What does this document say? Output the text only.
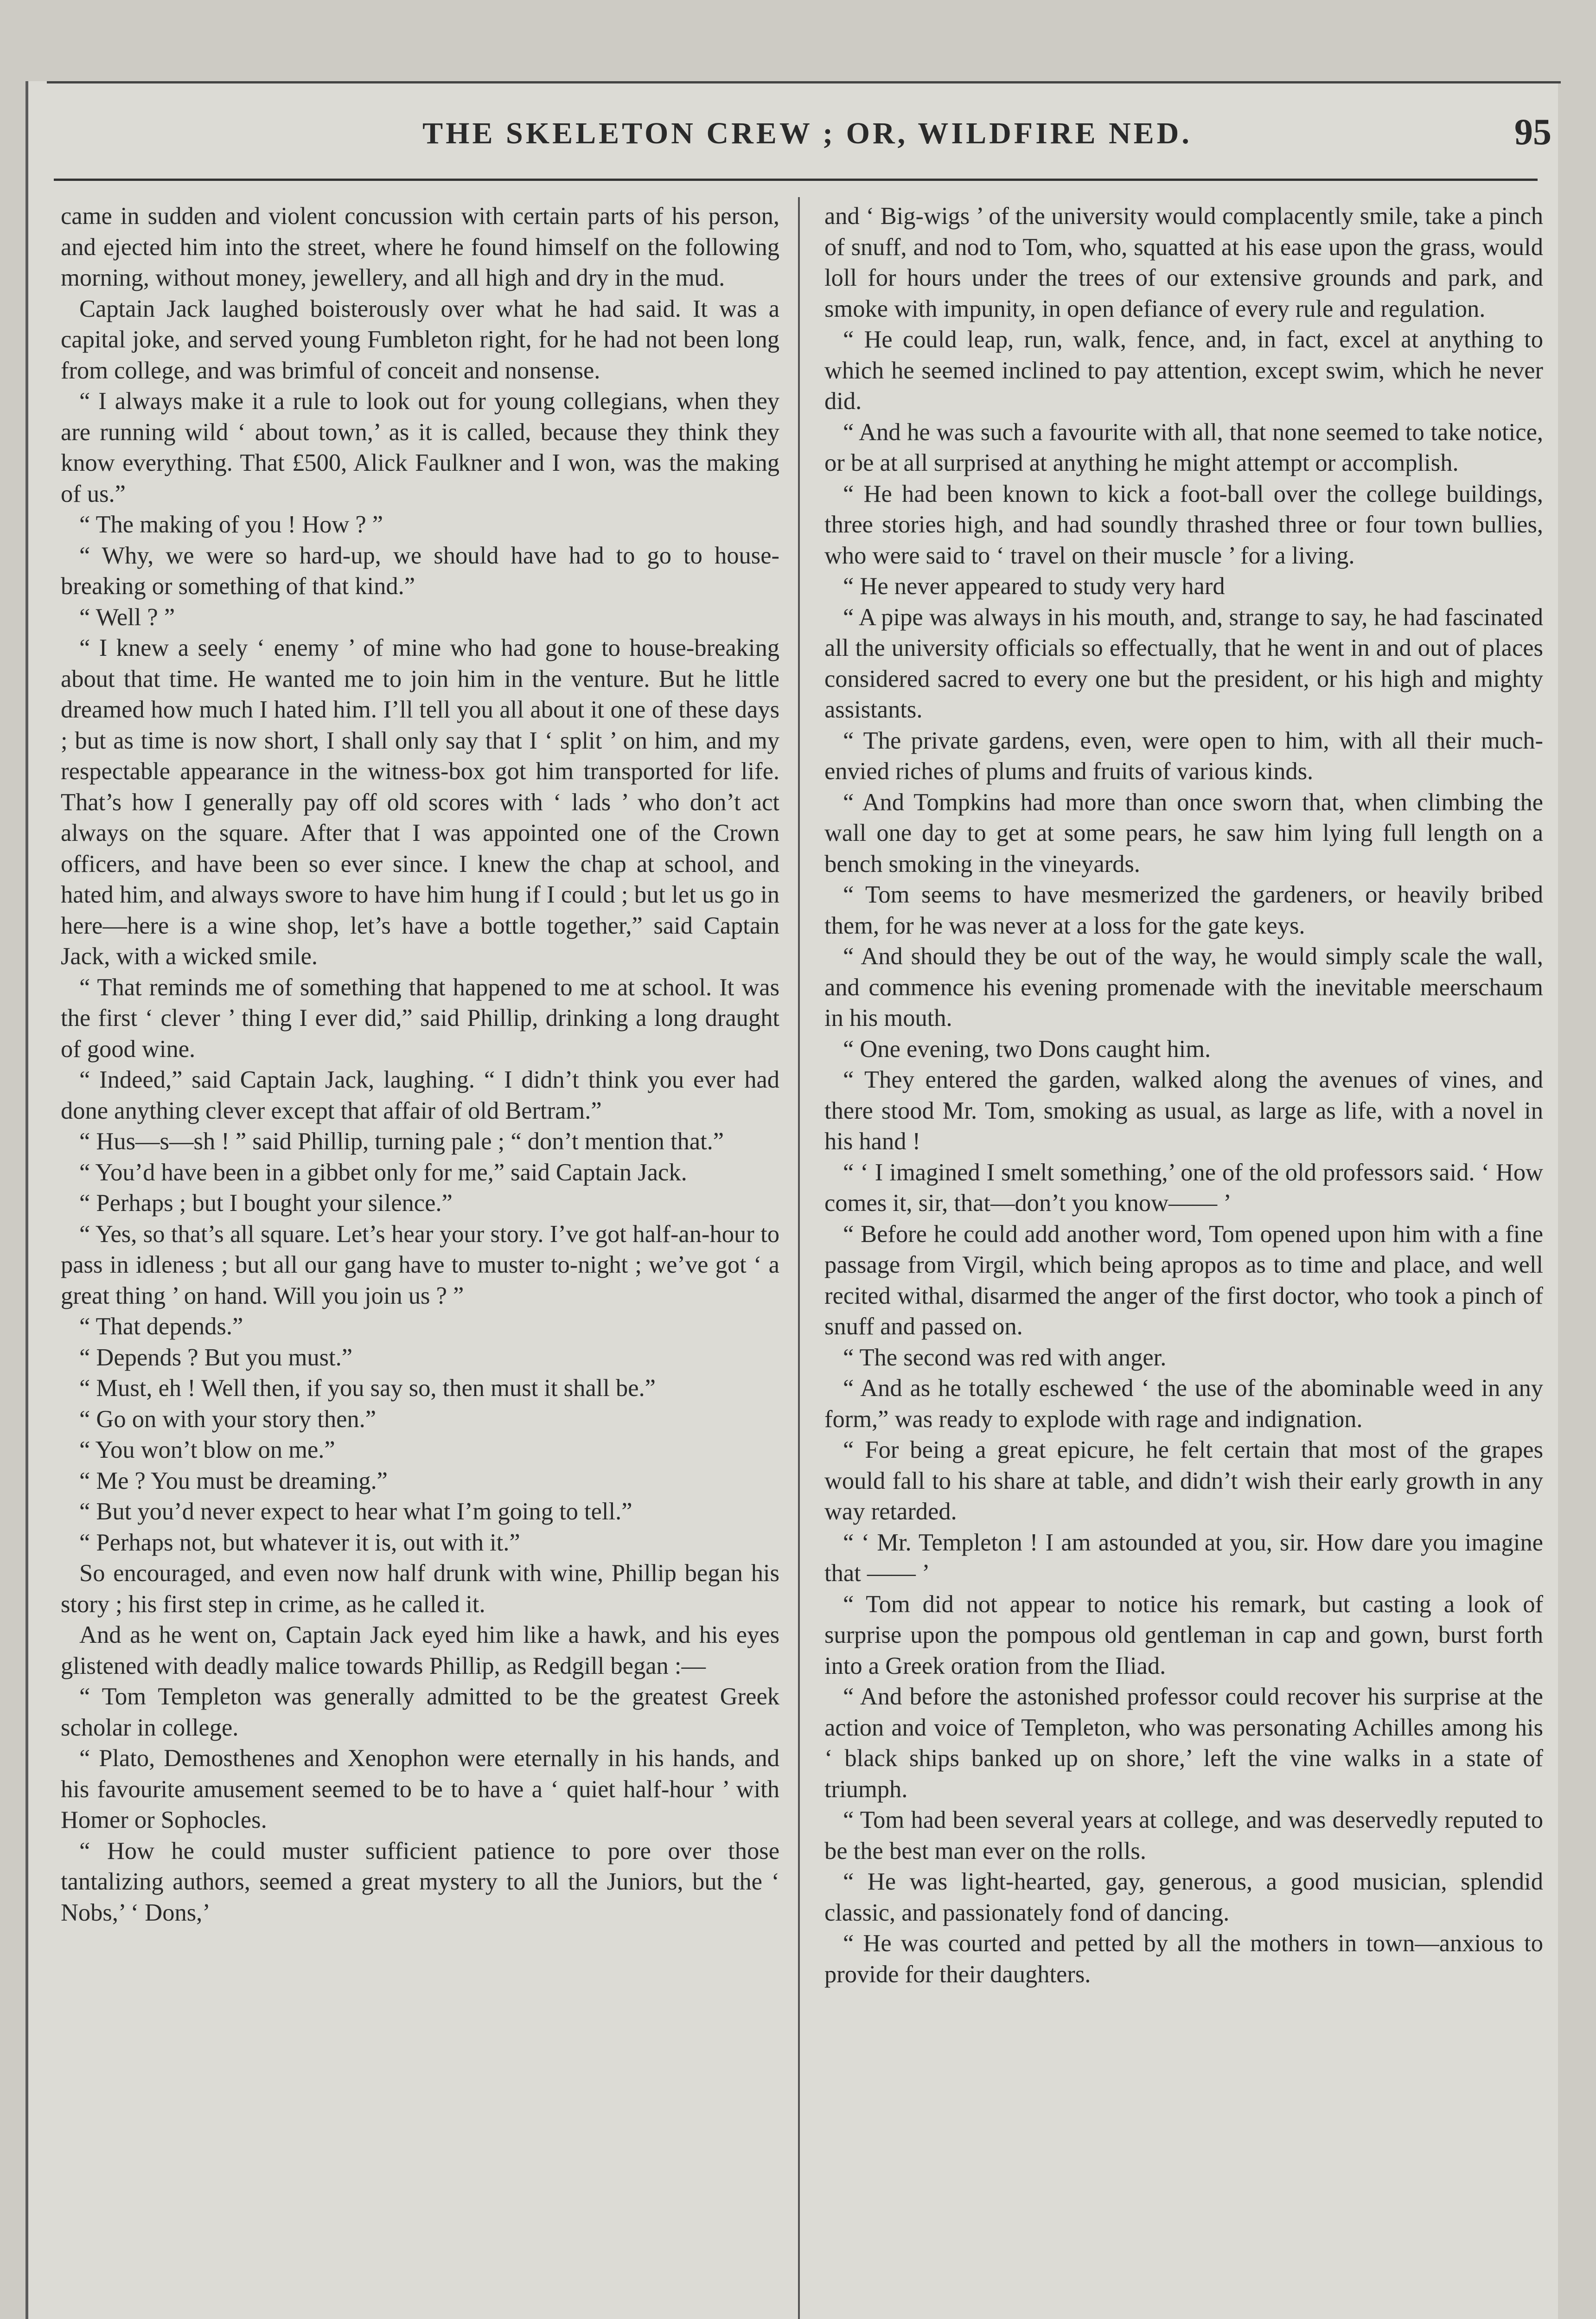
THE SKELETON CREW ; OR, WILDFIRE NED.	95

came in sudden and violent concussion with certain parts of his person, and ejected him into the street, where he found himself on the following morning, without money, jewellery, and all high and dry in the mud.

Captain Jack laughed boisterously over what he had said. It was a capital joke, and served young Fumbleton right, for he had not been long from college, and was brimful of conceit and nonsense.

“ I always make it a rule to look out for young collegians, when they are running wild ‘ about town,’ as it is called, because they think they know everything. That £500, Alick Faulkner and I won, was the making of us.”

“ The making of you ! How ? ”

“ Why, we were so hard-up, we should have had to go to house-breaking or something of that kind.”

“ Well ? ”

“ I knew a seely ‘ enemy ’ of mine who had gone to house-breaking about that time. He wanted me to join him in the venture. But he little dreamed how much I hated him. I’ll tell you all about it one of these days ; but as time is now short, I shall only say that I ‘ split ’ on him, and my respectable appearance in the witness-box got him transported for life. That’s how I generally pay off old scores with ‘ lads ’ who don’t act always on the square. After that I was appointed one of the Crown officers, and have been so ever since. I knew the chap at school, and hated him, and always swore to have him hung if I could ; but let us go in here—here is a wine shop, let’s have a bottle together,” said Captain Jack, with a wicked smile.

“ That reminds me of something that happened to me at school. It was the first ‘ clever ’ thing I ever did,” said Phillip, drinking a long draught of good wine.

“ Indeed,” said Captain Jack, laughing. “ I didn’t think you ever had done anything clever except that affair of old Bertram.”

“ Hus—s—sh ! ” said Phillip, turning pale ; “ don’t mention that.”

“ You’d have been in a gibbet only for me,” said Captain Jack.

“ Perhaps ; but I bought your silence.”

“ Yes, so that’s all square. Let’s hear your story. I’ve got half-an-hour to pass in idleness ; but all our gang have to muster to-night ; we’ve got ‘ a great thing ’ on hand. Will you join us ? ”

“ That depends.”

“ Depends ? But you must.”

“ Must, eh ! Well then, if you say so, then must it shall be.”

“ Go on with your story then.”

“ You won’t blow on me.”

“ Me ? You must be dreaming.”

“ But you’d never expect to hear what I’m going to tell.”

“ Perhaps not, but whatever it is, out with it.”

So encouraged, and even now half drunk with wine, Phillip began his story ; his first step in crime, as he called it.

And as he went on, Captain Jack eyed him like a hawk, and his eyes glistened with deadly malice towards Phillip, as Redgill began :—

“ Tom Templeton was generally admitted to be the greatest Greek scholar in college.

“ Plato, Demosthenes and Xenophon were eternally in his hands, and his favourite amusement seemed to be to have a ‘ quiet half-hour ’ with Homer or Sophocles.

“ How he could muster sufficient patience to pore over those tantalizing authors, seemed a great mystery to all the Juniors, but the ‘ Nobs,’ ‘ Dons,’

and ‘ Big-wigs ’ of the university would complacently smile, take a pinch of snuff, and nod to Tom, who, squatted at his ease upon the grass, would loll for hours under the trees of our extensive grounds and park, and smoke with impunity, in open defiance of every rule and regulation.

“ He could leap, run, walk, fence, and, in fact, excel at anything to which he seemed inclined to pay attention, except swim, which he never did.

“ And he was such a favourite with all, that none seemed to take notice, or be at all surprised at anything he might attempt or accomplish.

“ He had been known to kick a foot-ball over the college buildings, three stories high, and had soundly thrashed three or four town bullies, who were said to ‘ travel on their muscle ’ for a living.

“ He never appeared to study very hard

“ A pipe was always in his mouth, and, strange to say, he had fascinated all the university officials so effectually, that he went in and out of places considered sacred to every one but the president, or his high and mighty assistants.

“ The private gardens, even, were open to him, with all their much-envied riches of plums and fruits of various kinds.

“ And Tompkins had more than once sworn that, when climbing the wall one day to get at some pears, he saw him lying full length on a bench smoking in the vineyards.

“ Tom seems to have mesmerized the gardeners, or heavily bribed them, for he was never at a loss for the gate keys.

“ And should they be out of the way, he would simply scale the wall, and commence his evening promenade with the inevitable meerschaum in his mouth.

“ One evening, two Dons caught him.

“ They entered the garden, walked along the avenues of vines, and there stood Mr. Tom, smoking as usual, as large as life, with a novel in his hand !

“ ‘ I imagined I smelt something,’ one of the old professors said. ‘ How comes it, sir, that—don’t you know—— ’

“ Before he could add another word, Tom opened upon him with a fine passage from Virgil, which being apropos as to time and place, and well recited withal, disarmed the anger of the first doctor, who took a pinch of snuff and passed on.

“ The second was red with anger.

“ And as he totally eschewed ‘ the use of the abominable weed in any form,” was ready to explode with rage and indignation.

“ For being a great epicure, he felt certain that most of the grapes would fall to his share at table, and didn’t wish their early growth in any way retarded.

“ ‘ Mr. Templeton ! I am astounded at you, sir. How dare you imagine that —— ’

“ Tom did not appear to notice his remark, but casting a look of surprise upon the pompous old gentleman in cap and gown, burst forth into a Greek oration from the Iliad.

“ And before the astonished professor could recover his surprise at the action and voice of Templeton, who was personating Achilles among his ‘ black ships banked up on shore,’ left the vine walks in a state of triumph.

“ Tom had been several years at college, and was deservedly reputed to be the best man ever on the rolls.

“ He was light-hearted, gay, generous, a good musician, splendid classic, and passionately fond of dancing.

“ He was courted and petted by all the mothers in town—anxious to provide for their daughters.
